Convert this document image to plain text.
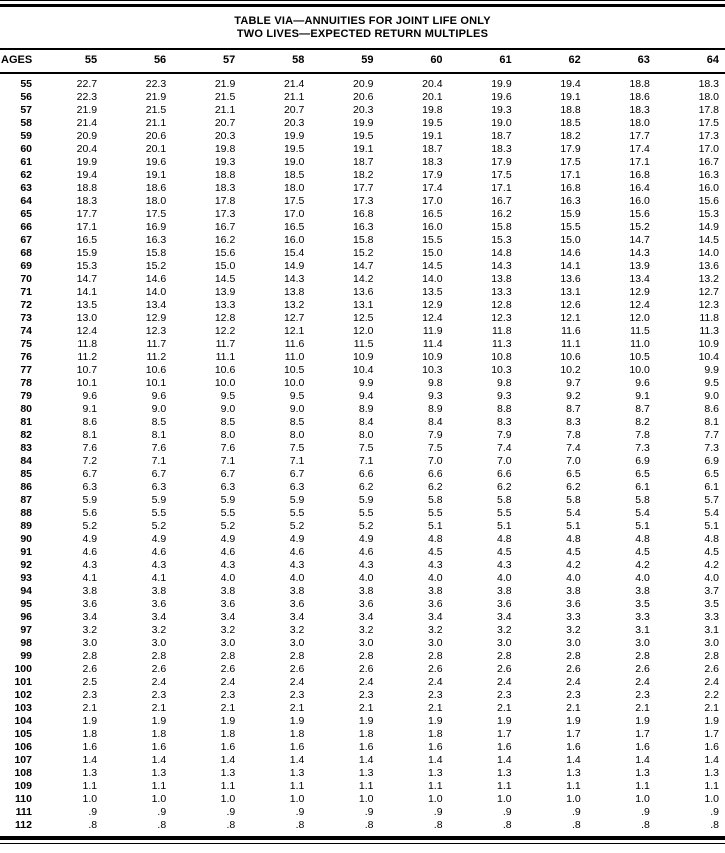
TABLE VIA—ANNUITIES FOR JOINT LIFE ONLY
TWO LIVES—EXPECTED RETURN MULTIPLES
AGES	55	56	57	58	59	60	61	62	63	64
55	22.7	22.3	21.9	21.4	20.9	20.4	19.9	19.4	18.8	18.3
56	22.3	21.9	21.5	21.1	20.6	20.1	19.6	19.1	18.6	18.0
57	21.9	21.5	21.1	20.7	20.3	19.8	19.3	18.8	18.3	17.8
58	21.4	21.1	20.7	20.3	19.9	19.5	19.0	18.5	18.0	17.5
59	20.9	20.6	20.3	19.9	19.5	19.1	18.7	18.2	17.7	17.3
60	20.4	20.1	19.8	19.5	19.1	18.7	18.3	17.9	17.4	17.0
61	19.9	19.6	19.3	19.0	18.7	18.3	17.9	17.5	17.1	16.7
62	19.4	19.1	18.8	18.5	18.2	17.9	17.5	17.1	16.8	16.3
63	18.8	18.6	18.3	18.0	17.7	17.4	17.1	16.8	16.4	16.0
64	18.3	18.0	17.8	17.5	17.3	17.0	16.7	16.3	16.0	15.6
65	17.7	17.5	17.3	17.0	16.8	16.5	16.2	15.9	15.6	15.3
66	17.1	16.9	16.7	16.5	16.3	16.0	15.8	15.5	15.2	14.9
67	16.5	16.3	16.2	16.0	15.8	15.5	15.3	15.0	14.7	14.5
68	15.9	15.8	15.6	15.4	15.2	15.0	14.8	14.6	14.3	14.0
69	15.3	15.2	15.0	14.9	14.7	14.5	14.3	14.1	13.9	13.6
70	14.7	14.6	14.5	14.3	14.2	14.0	13.8	13.6	13.4	13.2
71	14.1	14.0	13.9	13.8	13.6	13.5	13.3	13.1	12.9	12.7
72	13.5	13.4	13.3	13.2	13.1	12.9	12.8	12.6	12.4	12.3
73	13.0	12.9	12.8	12.7	12.5	12.4	12.3	12.1	12.0	11.8
74	12.4	12.3	12.2	12.1	12.0	11.9	11.8	11.6	11.5	11.3
75	11.8	11.7	11.7	11.6	11.5	11.4	11.3	11.1	11.0	10.9
76	11.2	11.2	11.1	11.0	10.9	10.9	10.8	10.6	10.5	10.4
77	10.7	10.6	10.6	10.5	10.4	10.3	10.3	10.2	10.0	9.9
78	10.1	10.1	10.0	10.0	9.9	9.8	9.8	9.7	9.6	9.5
79	9.6	9.6	9.5	9.5	9.4	9.3	9.3	9.2	9.1	9.0
80	9.1	9.0	9.0	9.0	8.9	8.9	8.8	8.7	8.7	8.6
81	8.6	8.5	8.5	8.5	8.4	8.4	8.3	8.3	8.2	8.1
82	8.1	8.1	8.0	8.0	8.0	7.9	7.9	7.8	7.8	7.7
83	7.6	7.6	7.6	7.5	7.5	7.5	7.4	7.4	7.3	7.3
84	7.2	7.1	7.1	7.1	7.1	7.0	7.0	7.0	6.9	6.9
85	6.7	6.7	6.7	6.7	6.6	6.6	6.6	6.5	6.5	6.5
86	6.3	6.3	6.3	6.3	6.2	6.2	6.2	6.2	6.1	6.1
87	5.9	5.9	5.9	5.9	5.9	5.8	5.8	5.8	5.8	5.7
88	5.6	5.5	5.5	5.5	5.5	5.5	5.5	5.4	5.4	5.4
89	5.2	5.2	5.2	5.2	5.2	5.1	5.1	5.1	5.1	5.1
90	4.9	4.9	4.9	4.9	4.9	4.8	4.8	4.8	4.8	4.8
91	4.6	4.6	4.6	4.6	4.6	4.5	4.5	4.5	4.5	4.5
92	4.3	4.3	4.3	4.3	4.3	4.3	4.3	4.2	4.2	4.2
93	4.1	4.1	4.0	4.0	4.0	4.0	4.0	4.0	4.0	4.0
94	3.8	3.8	3.8	3.8	3.8	3.8	3.8	3.8	3.8	3.7
95	3.6	3.6	3.6	3.6	3.6	3.6	3.6	3.6	3.5	3.5
96	3.4	3.4	3.4	3.4	3.4	3.4	3.4	3.3	3.3	3.3
97	3.2	3.2	3.2	3.2	3.2	3.2	3.2	3.2	3.1	3.1
98	3.0	3.0	3.0	3.0	3.0	3.0	3.0	3.0	3.0	3.0
99	2.8	2.8	2.8	2.8	2.8	2.8	2.8	2.8	2.8	2.8
100	2.6	2.6	2.6	2.6	2.6	2.6	2.6	2.6	2.6	2.6
101	2.5	2.4	2.4	2.4	2.4	2.4	2.4	2.4	2.4	2.4
102	2.3	2.3	2.3	2.3	2.3	2.3	2.3	2.3	2.3	2.2
103	2.1	2.1	2.1	2.1	2.1	2.1	2.1	2.1	2.1	2.1
104	1.9	1.9	1.9	1.9	1.9	1.9	1.9	1.9	1.9	1.9
105	1.8	1.8	1.8	1.8	1.8	1.8	1.7	1.7	1.7	1.7
106	1.6	1.6	1.6	1.6	1.6	1.6	1.6	1.6	1.6	1.6
107	1.4	1.4	1.4	1.4	1.4	1.4	1.4	1.4	1.4	1.4
108	1.3	1.3	1.3	1.3	1.3	1.3	1.3	1.3	1.3	1.3
109	1.1	1.1	1.1	1.1	1.1	1.1	1.1	1.1	1.1	1.1
110	1.0	1.0	1.0	1.0	1.0	1.0	1.0	1.0	1.0	1.0
111	.9	.9	.9	.9	.9	.9	.9	.9	.9	.9
112	.8	.8	.8	.8	.8	.8	.8	.8	.8	.8
